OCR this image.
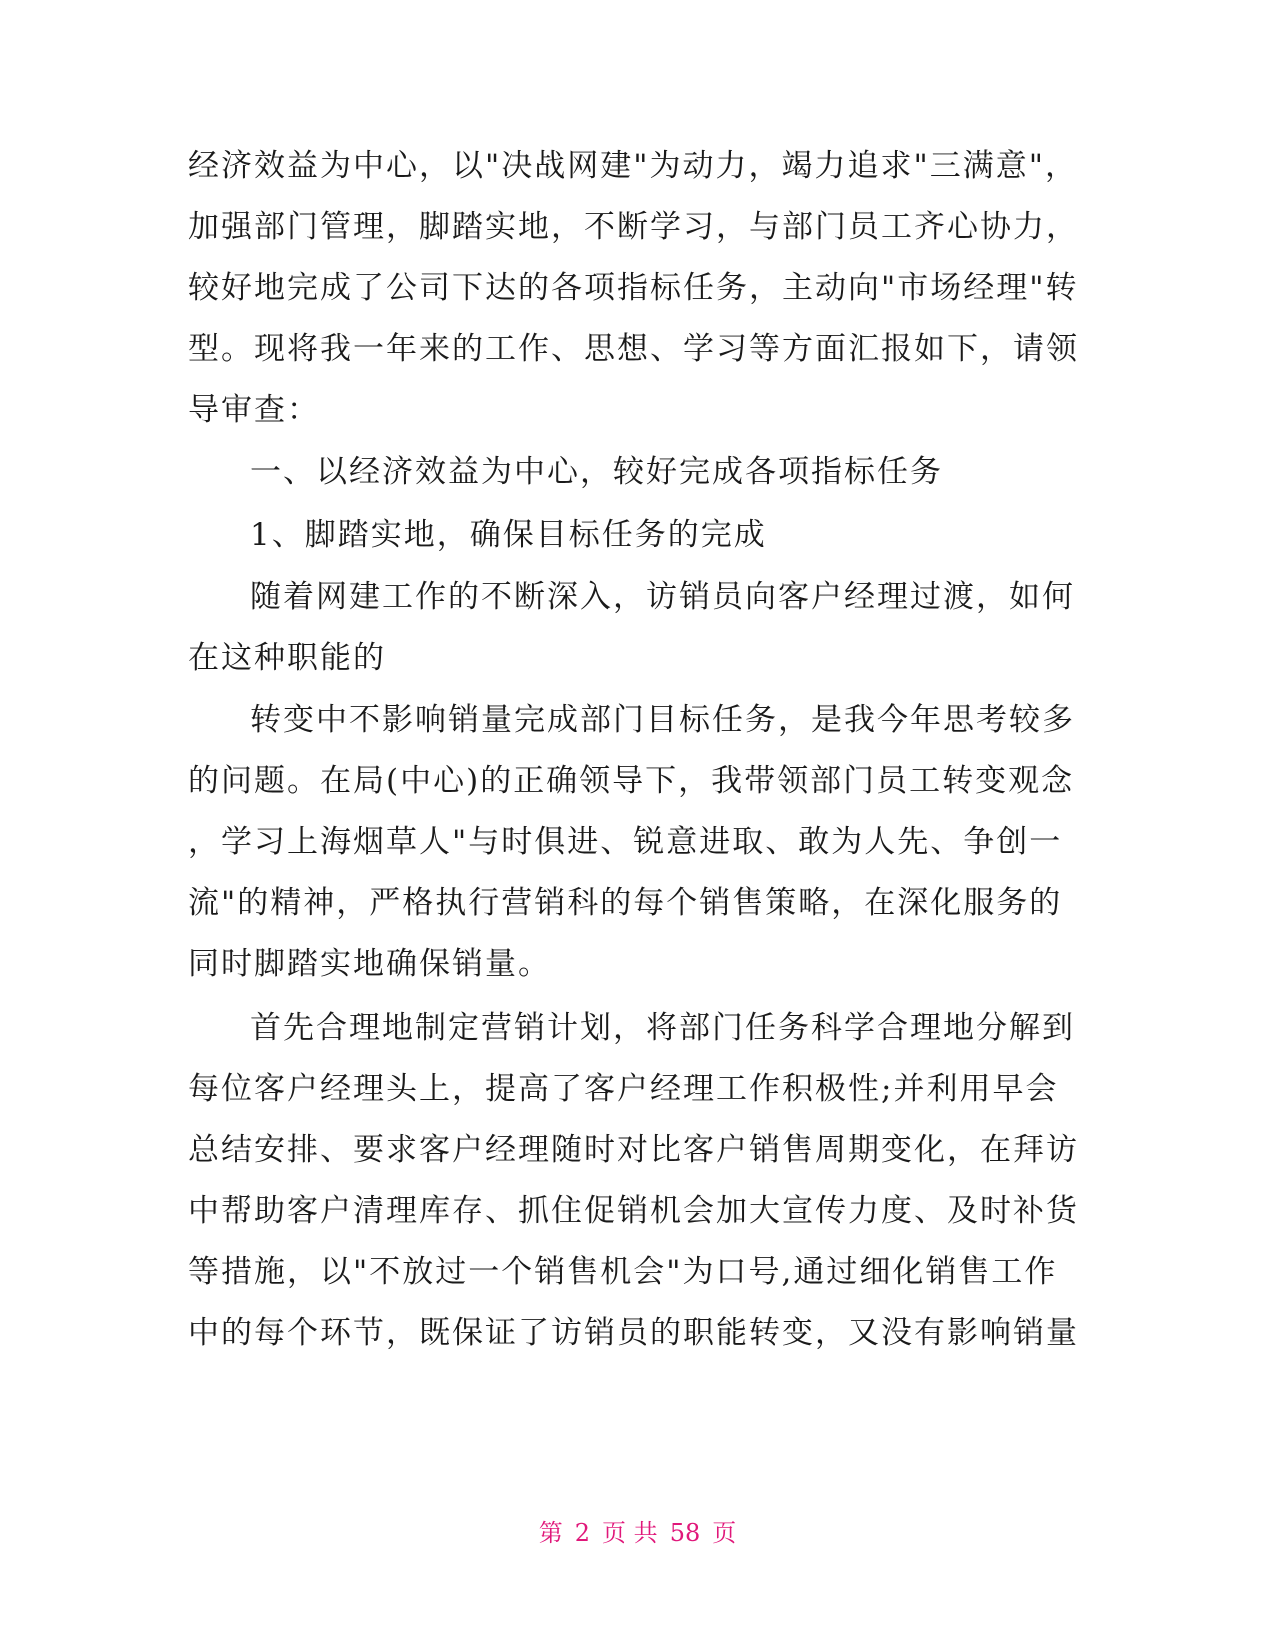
经济效益为中心，以"决战网建"为动力，竭力追求"三满意"，
加强部门管理，脚踏实地，不断学习，与部门员工齐心协力，
较好地完成了公司下达的各项指标任务，主动向"市场经理"转
型。现将我一年来的工作、思想、学习等方面汇报如下，请领
导审查：
一、以经济效益为中心，较好完成各项指标任务
1、脚踏实地，确保目标任务的完成
随着网建工作的不断深入，访销员向客户经理过渡，如何
在这种职能的
转变中不影响销量完成部门目标任务，是我今年思考较多
的问题。在局(中心)的正确领导下，我带领部门员工转变观念
，学习上海烟草人"与时俱进、锐意进取、敢为人先、争创一
流"的精神，严格执行营销科的每个销售策略，在深化服务的
同时脚踏实地确保销量。
首先合理地制定营销计划，将部门任务科学合理地分解到
每位客户经理头上，提高了客户经理工作积极性;并利用早会
总结安排、要求客户经理随时对比客户销售周期变化，在拜访
中帮助客户清理库存、抓住促销机会加大宣传力度、及时补货
等措施，以"不放过一个销售机会"为口号,通过细化销售工作
中的每个环节，既保证了访销员的职能转变，又没有影响销量
第 2 页 共 58 页
